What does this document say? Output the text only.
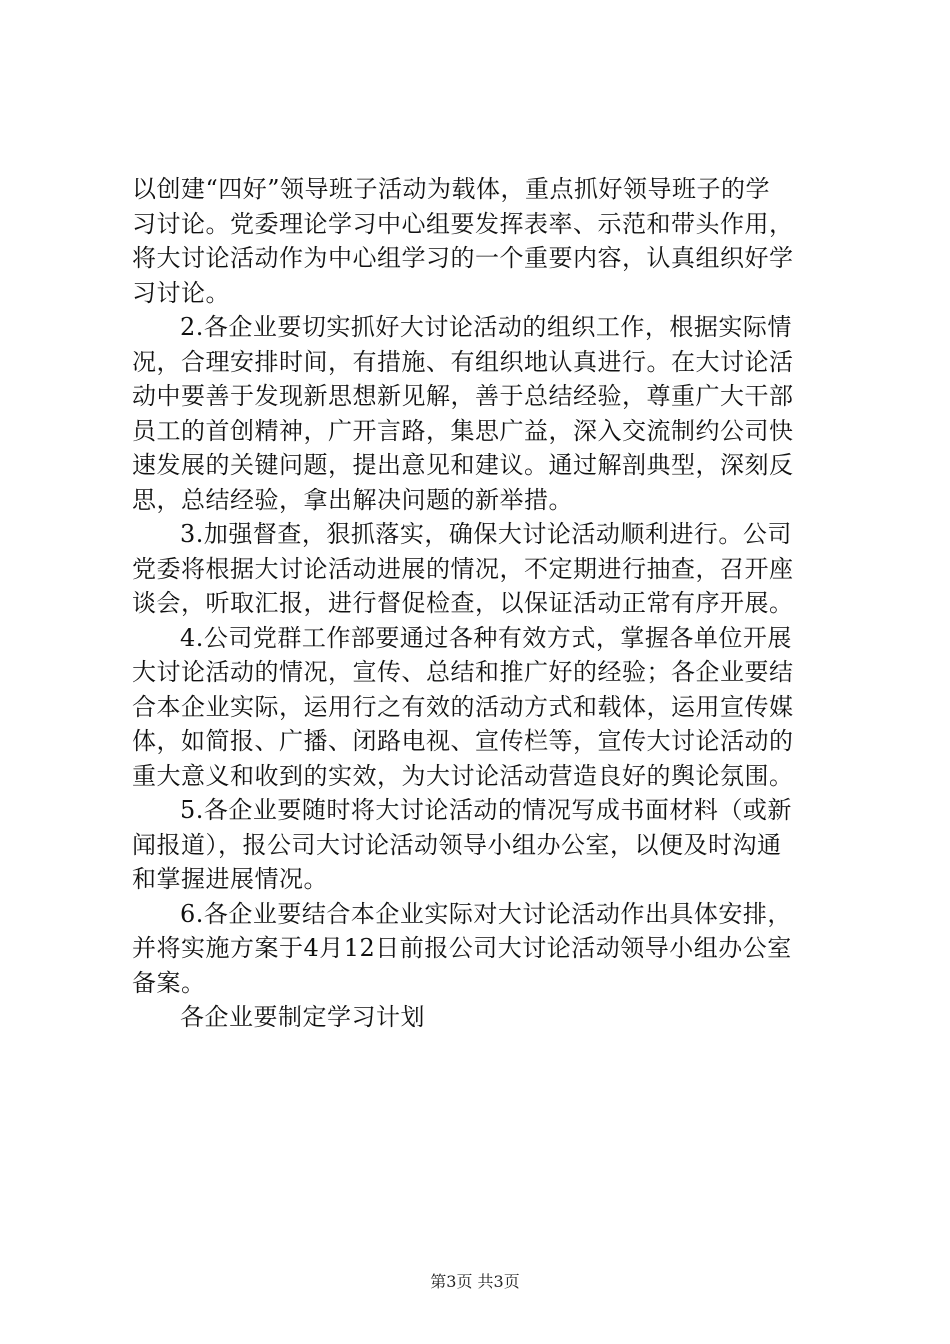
以创建“四好”领导班子活动为载体，重点抓好领导班子的学
习讨论。党委理论学习中心组要发挥表率、示范和带头作用，
将大讨论活动作为中心组学习的一个重要内容，认真组织好学
习讨论。
2.各企业要切实抓好大讨论活动的组织工作，根据实际情
况，合理安排时间，有措施、有组织地认真进行。在大讨论活
动中要善于发现新思想新见解，善于总结经验，尊重广大干部
员工的首创精神，广开言路，集思广益，深入交流制约公司快
速发展的关键问题，提出意见和建议。通过解剖典型，深刻反
思，总结经验，拿出解决问题的新举措。
3.加强督查，狠抓落实，确保大讨论活动顺利进行。公司
党委将根据大讨论活动进展的情况，不定期进行抽查，召开座
谈会，听取汇报，进行督促检查，以保证活动正常有序开展。
4.公司党群工作部要通过各种有效方式，掌握各单位开展
大讨论活动的情况，宣传、总结和推广好的经验；各企业要结
合本企业实际，运用行之有效的活动方式和载体，运用宣传媒
体，如简报、广播、闭路电视、宣传栏等，宣传大讨论活动的
重大意义和收到的实效，为大讨论活动营造良好的舆论氛围。
5.各企业要随时将大讨论活动的情况写成书面材料（或新
闻报道），报公司大讨论活动领导小组办公室，以便及时沟通
和掌握进展情况。
6.各企业要结合本企业实际对大讨论活动作出具体安排，
并将实施方案于4月12日前报公司大讨论活动领导小组办公室
备案。
各企业要制定学习计划
第3页 共3页
